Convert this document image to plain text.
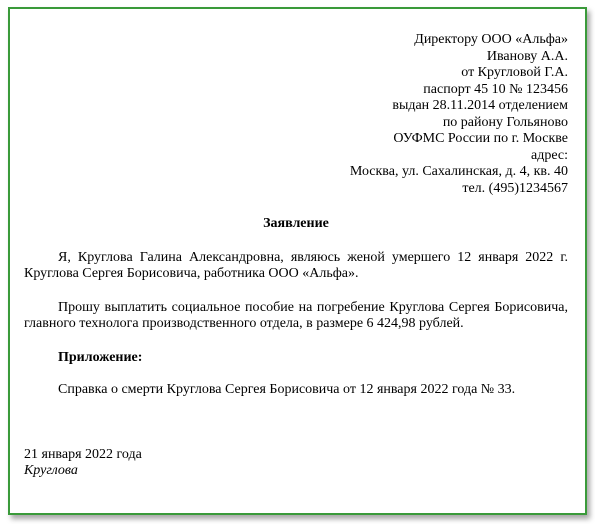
Директору ООО «Альфа»
Иванову А.А.
от Кругловой Г.А.
паспорт 45 10 № 123456
выдан 28.11.2014 отделением
по району Гольяново
ОУФМС России по г. Москве
адрес:
Москва, ул. Сахалинская, д. 4, кв. 40
тел. (495)1234567
Заявление
Я, Круглова Галина Александровна, являюсь женой умершего 12 января 2022 г. Круглова Сергея Борисовича, работника ООО «Альфа».
Прошу выплатить социальное пособие на погребение Круглова Сергея Борисовича, главного технолога производственного отдела, в размере 6 424,98 рублей.
Приложение:
Справка о смерти Круглова Сергея Борисовича от 12 января 2022 года № 33.
21 января 2022 года
Круглова
